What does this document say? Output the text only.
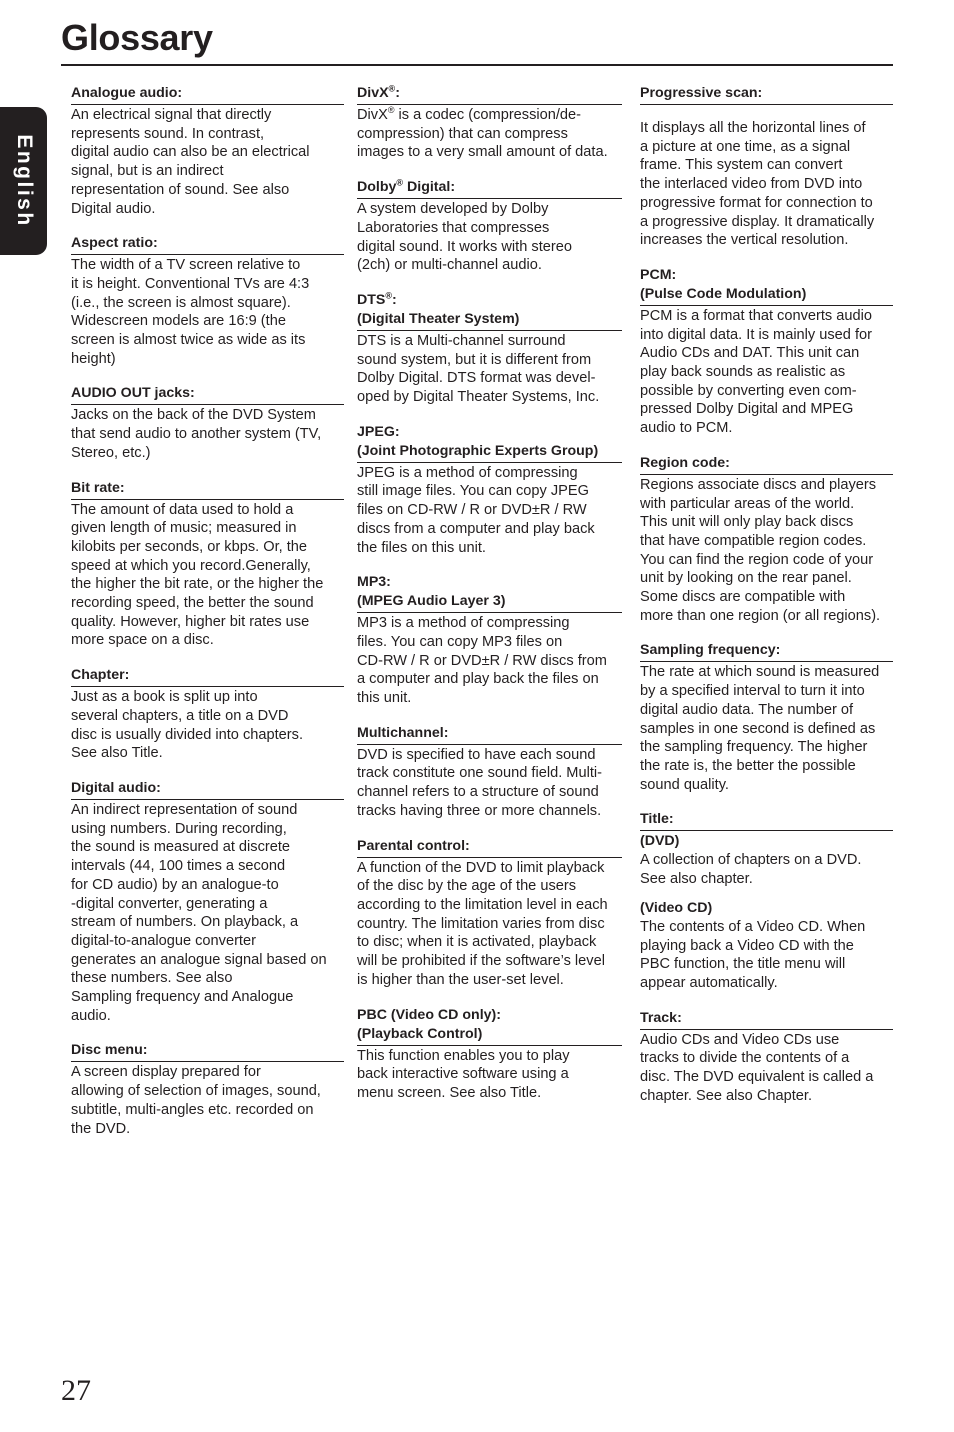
Glossary
English
Analogue audio:
An electrical signal that directly
represents sound. In contrast,
digital audio can also be an electrical
signal, but is an indirect
representation of sound. See also
Digital audio.
Aspect ratio:
The width of a TV screen relative to
it is height. Conventional TVs are 4:3
(i.e., the screen is almost square).
Widescreen models are 16:9 (the
screen is almost twice as wide as its
height)
AUDIO OUT jacks:
Jacks on the back of the DVD System
that send audio to another system (TV,
Stereo, etc.)
Bit rate:
The amount of data used to hold a
given length of music; measured in
kilobits per seconds, or kbps. Or, the
speed at which you record.Generally,
the higher the bit rate, or the higher the
recording speed, the better the sound
quality. However, higher bit rates use
more space on a disc.
Chapter:
Just as a book is split up into
several chapters, a title on a DVD
disc is usually divided into chapters.
See also Title.
Digital audio:
An indirect representation of sound
using numbers. During recording,
the sound is measured at discrete
intervals (44, 100 times a second
for CD audio) by an analogue-to
-digital converter, generating a
stream of numbers. On playback, a
digital-to-analogue converter
generates an analogue signal based on
these numbers. See also
Sampling frequency and Analogue
audio.
Disc menu:
A screen display prepared for
allowing of selection of images, sound,
subtitle, multi-angles etc. recorded on
the DVD.
DivX®:
DivX® is a codec (compression/de-
compression) that can compress
images to a very small amount of data.
Dolby® Digital:
A system developed by Dolby
Laboratories that compresses
digital sound. It works with stereo
(2ch) or multi-channel audio.
DTS®:
(Digital Theater System)
DTS is a Multi-channel surround
sound system, but it is different from
Dolby Digital. DTS format was devel-
oped by Digital Theater Systems, Inc.
JPEG:
(Joint Photographic Experts Group)
JPEG is a method of compressing
still image files. You can copy JPEG
files on CD-RW / R or DVD±R / RW
discs from a computer and play back
the files on this unit.
MP3:
(MPEG Audio Layer 3)
MP3 is a method of compressing
files. You can copy MP3 files on
CD-RW / R or DVD±R / RW discs from
a computer and play back the files on
this unit.
Multichannel:
DVD is specified to have each sound
track constitute one sound field. Multi-
channel refers to a structure of sound
tracks having three or more channels.
Parental control:
A function of the DVD to limit playback
of the disc by the age of the users
according to the limitation level in each
country. The limitation varies from disc
to disc; when it is activated, playback
will be prohibited if the software’s level
is higher than the user-set level.
PBC (Video CD only):
(Playback Control)
This function enables you to play
back interactive software using a
menu screen. See also Title.
Progressive scan:
It displays all the horizontal lines of
a picture at one time, as a signal
frame. This system can convert
the interlaced video from DVD into
progressive format for connection to
a progressive display. It dramatically
increases the vertical resolution.
PCM:
(Pulse Code Modulation)
PCM is a format that converts audio
into digital data. It is mainly used for
Audio CDs and DAT. This unit can
play back sounds as realistic as
possible by converting even com-
pressed Dolby Digital and MPEG
audio to PCM.
Region code:
Regions associate discs and players
with particular areas of the world.
This unit will only play back discs
that have compatible region codes.
You can find the region code of your
unit by looking on the rear panel.
Some discs are compatible with
more than one region (or all regions).
Sampling frequency:
The rate at which sound is measured
by a specified interval to turn it into
digital audio data. The number of
samples in one second is defined as
the sampling frequency. The higher
the rate is, the better the possible
sound quality.
Title:
(DVD)
A collection of chapters on a DVD.
See also chapter.
(Video CD)
The contents of a Video CD. When
playing back a Video CD with the
PBC function, the title menu will
appear automatically.
Track:
Audio CDs and Video CDs use
tracks to divide the contents of a
disc. The DVD equivalent is called a
chapter. See also Chapter.
27
